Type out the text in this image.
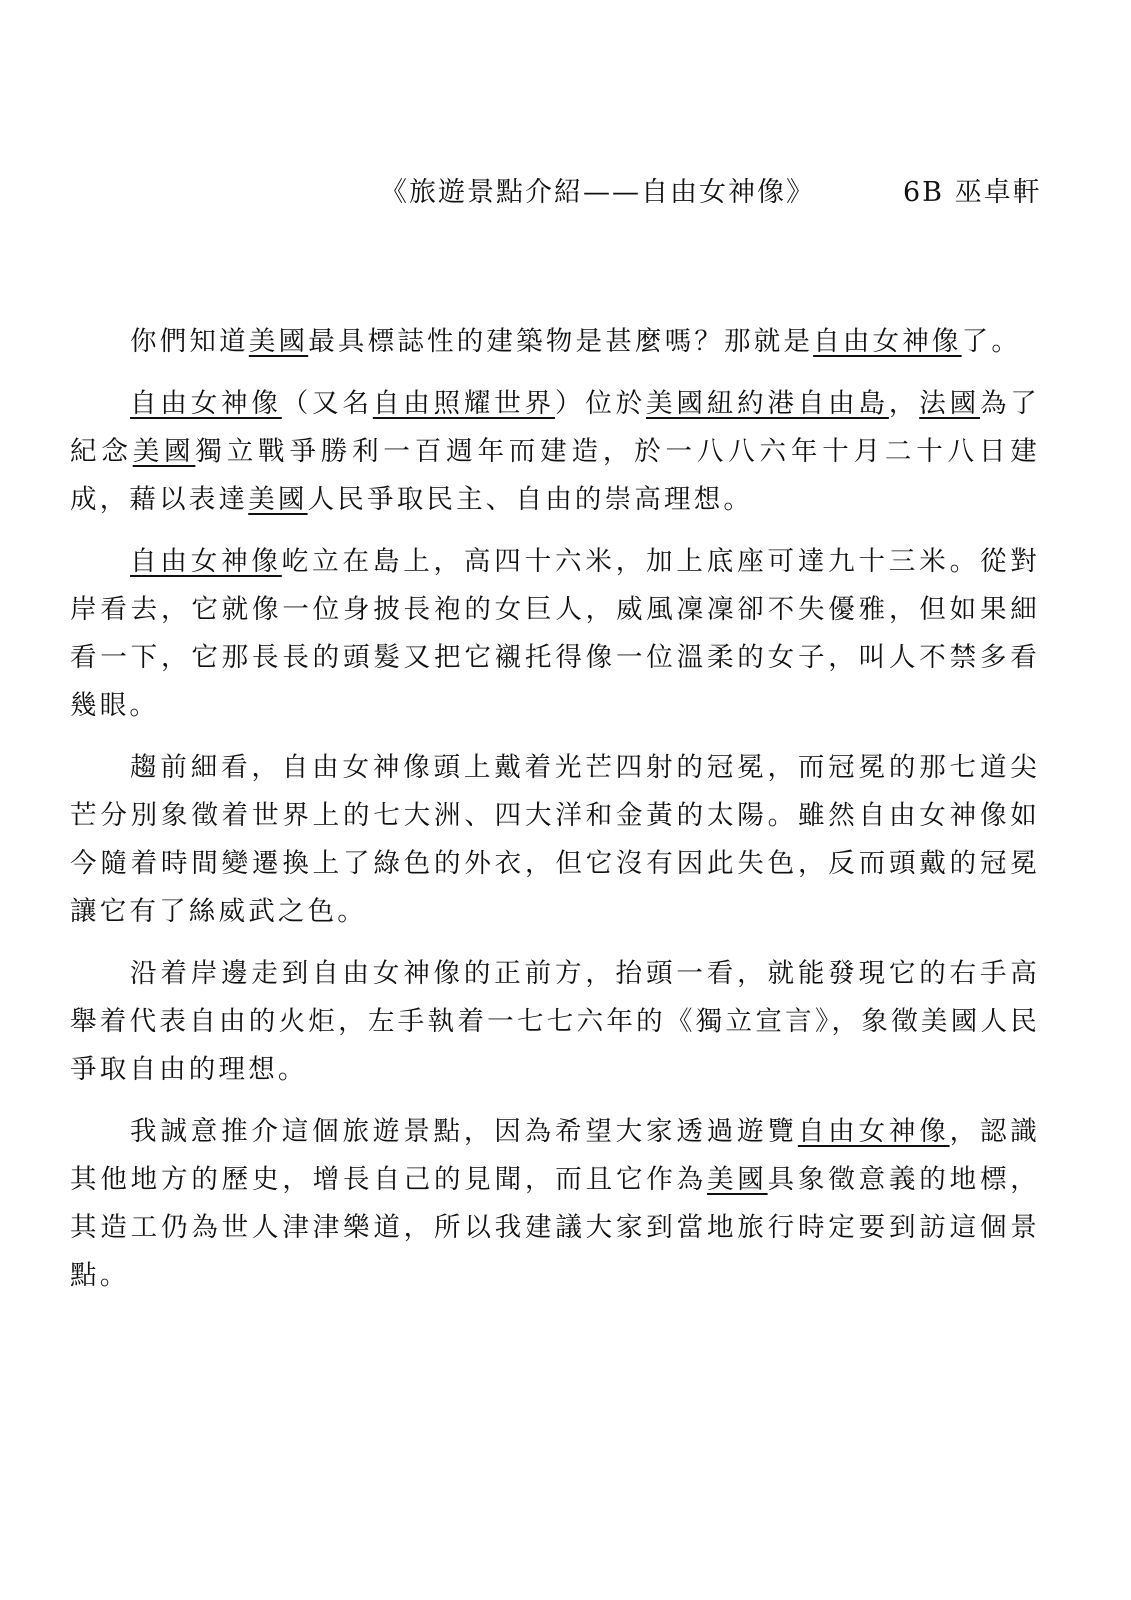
《旅遊景點介紹——自由女神像》	6B 巫卓軒

你們知道美國最具標誌性的建築物是甚麼嗎？那就是自由女神像了。

自由女神像（又名自由照耀世界）位於美國紐約港自由島，法國為了紀念美國獨立戰爭勝利一百週年而建造，於一八八六年十月二十八日建成，藉以表達美國人民爭取民主、自由的崇高理想。

自由女神像屹立在島上，高四十六米，加上底座可達九十三米。從對岸看去，它就像一位身披長袍的女巨人，威風凜凜卻不失優雅，但如果細看一下，它那長長的頭髮又把它襯托得像一位溫柔的女子，叫人不禁多看幾眼。

趨前細看，自由女神像頭上戴着光芒四射的冠冕，而冠冕的那七道尖芒分別象徵着世界上的七大洲、四大洋和金黃的太陽。雖然自由女神像如今隨着時間變遷換上了綠色的外衣，但它沒有因此失色，反而頭戴的冠冕讓它有了絲威武之色。

沿着岸邊走到自由女神像的正前方，抬頭一看，就能發現它的右手高舉着代表自由的火炬，左手執着一七七六年的《獨立宣言》，象徵美國人民爭取自由的理想。

我誠意推介這個旅遊景點，因為希望大家透過遊覽自由女神像，認識其他地方的歷史，增長自己的見聞，而且它作為美國具象徵意義的地標，其造工仍為世人津津樂道，所以我建議大家到當地旅行時定要到訪這個景點。
